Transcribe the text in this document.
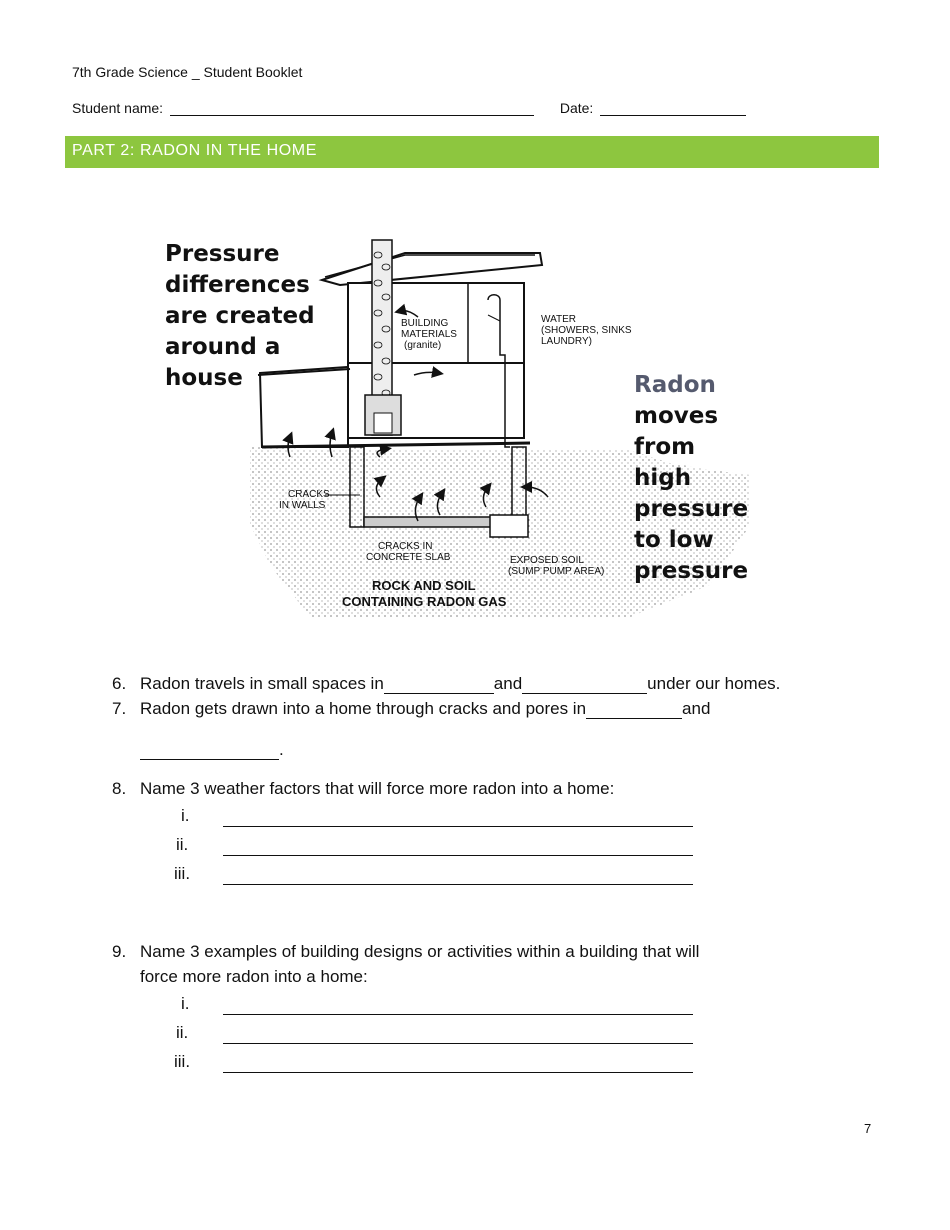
7th Grade Science _ Student Booklet
Student name:	Date:
PART 2: RADON IN THE HOME
BUILDING
MATERIALS
(granite)
WATER
(SHOWERS, SINKS
LAUNDRY)
CRACKS
IN WALLS
CRACKS IN
CONCRETE SLAB	EXPOSED SOIL
(SUMP PUMP AREA)
ROCK AND SOIL
CONTAINING RADON GAS
Pressure
differences
are created
around a
house	Radon
moves
from
high
pressure
to low
pressure
6. Radon travels in small spaces in	and	under our homes.
7. Radon gets drawn into a home through cracks and pores in	and
.
8. Name 3 weather factors that will force more radon into a home:
i.
ii.
iii.
9. Name 3 examples of building designs or activities within a building that will
force more radon into a home:
i.
ii.
iii.
7
